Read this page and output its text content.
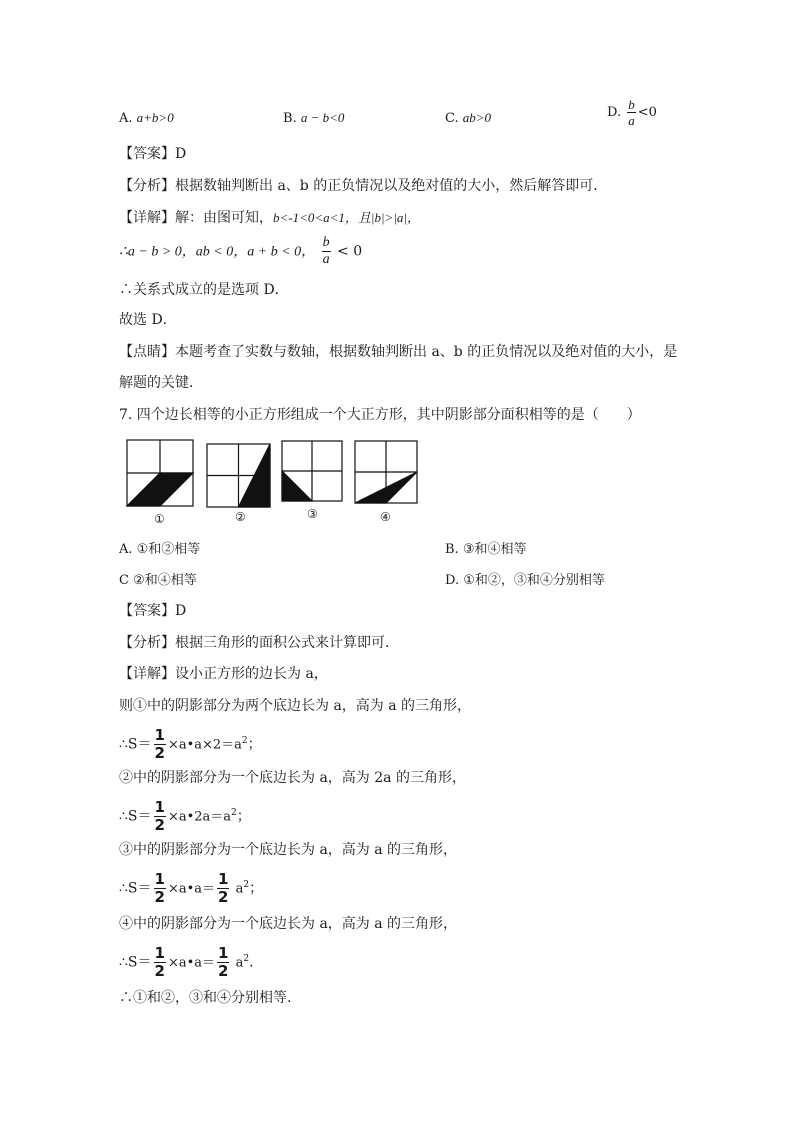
A. a+b>0	B. a − b<0	C. ab>0	D. $\frac{b}{a} <0$
【答案】D
【分析】根据数轴判断出 a、b 的正负情况以及绝对值的大小，然后解答即可．
【详解】解：由图可知，b<-1<0<a<1，且|b|>|a|，
∴a − b > 0，ab < 0，a + b < 0， $\frac{b}{a} < 0$
∴关系式成立的是选项 D．
故选 D．
【点睛】本题考查了实数与数轴，根据数轴判断出 a、b 的正负情况以及绝对值的大小，是
解题的关键．
7. 四个边长相等的小正方形组成一个大正方形，其中阴影部分面积相等的是（　　）
①	②	③	④
A. ①和②相等	B. ③和④相等
C ②和④相等	D. ①和②，③和④分别相等
【答案】D
【分析】根据三角形的面积公式来计算即可．
【详解】设小正方形的边长为 a，
则①中的阴影部分为两个底边长为 a，高为 a 的三角形，
∴S＝ $\frac{1}{2}$ $\times a•a\times 2=a^2$；
②中的阴影部分为一个底边长为 a，高为 2a 的三角形，
∴S＝ $\frac{1}{2}$ $\times a•2a=a^2$；
③中的阴影部分为一个底边长为 a，高为 a 的三角形，
∴S＝ $\frac{1}{2}$ ×a•a＝ $\frac{1}{2} a^2$；
④中的阴影部分为一个底边长为 a，高为 a 的三角形，
∴S＝ $\frac{1}{2}$ ×a•a＝ $\frac{1}{2} a^2$.
∴①和②，③和④分别相等.
